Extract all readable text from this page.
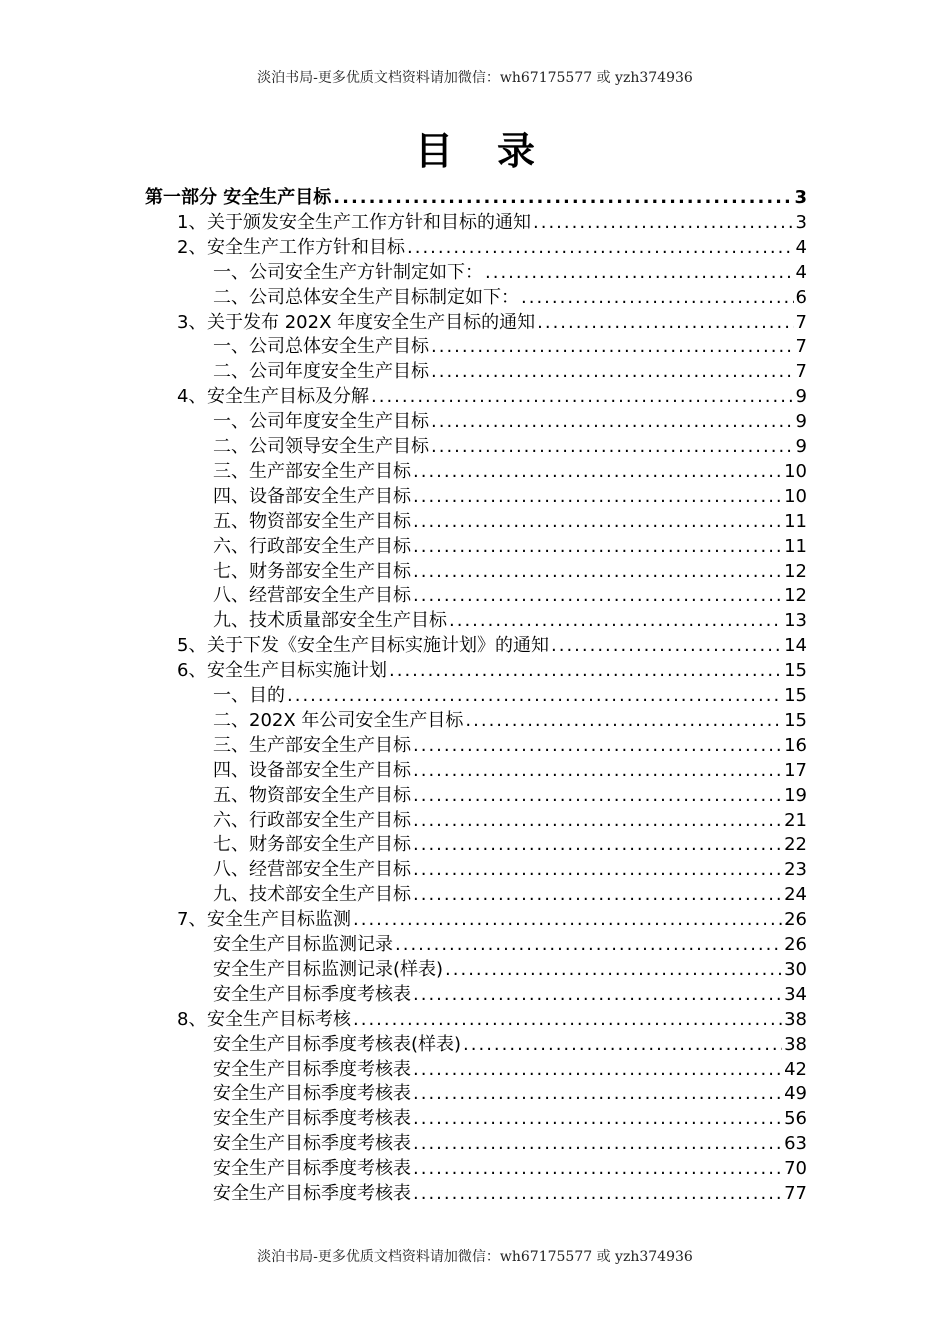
淡泊书局-更多优质文档资料请加微信：wh67175577 或 yzh374936
目 录
第一部分 安全生产目标 .....	3
1、 关于颁发安全生产工作方针和目标的通知 .....	3
2、 安全生产工作方针和目标 .....	4
一、公司安全生产方针制定如下： .....	4
二、公司总体安全生产目标制定如下： .....	6
3、 关于发布 202X 年度安全生产目标的通知 .....	7
一、公司总体安全生产目标 .....	7
二、公司年度安全生产目标 .....	7
4、 安全生产目标及分解 .....	9
一、公司年度安全生产目标 .....	9
二、公司领导安全生产目标 .....	9
三、生产部安全生产目标 .....	10
四、设备部安全生产目标 .....	10
五、物资部安全生产目标 .....	11
六、行政部安全生产目标 .....	11
七、财务部安全生产目标 .....	12
八、经营部安全生产目标 .....	12
九、技术质量部安全生产目标 .....	13
5、 关于下发《安全生产目标实施计划》的通知 .....	14
6、 安全生产目标实施计划 .....	15
一、目的 .....	15
二、202X 年公司安全生产目标 .....	15
三、生产部安全生产目标 .....	16
四、设备部安全生产目标 .....	17
五、物资部安全生产目标 .....	19
六、行政部安全生产目标 .....	21
七、财务部安全生产目标 .....	22
八、经营部安全生产目标 .....	23
九、技术部安全生产目标 .....	24
7、 安全生产目标监测 .....	26
安全生产目标监测记录 .....	26
安全生产目标监测记录(样表) .....	30
安全生产目标季度考核表 .....	34
8、 安全生产目标考核 .....	38
安全生产目标季度考核表(样表) .....	38
安全生产目标季度考核表 .....	42
安全生产目标季度考核表 .....	49
安全生产目标季度考核表 .....	56
安全生产目标季度考核表 .....	63
安全生产目标季度考核表 .....	70
安全生产目标季度考核表 .....	77
淡泊书局-更多优质文档资料请加微信：wh67175577 或 yzh374936
